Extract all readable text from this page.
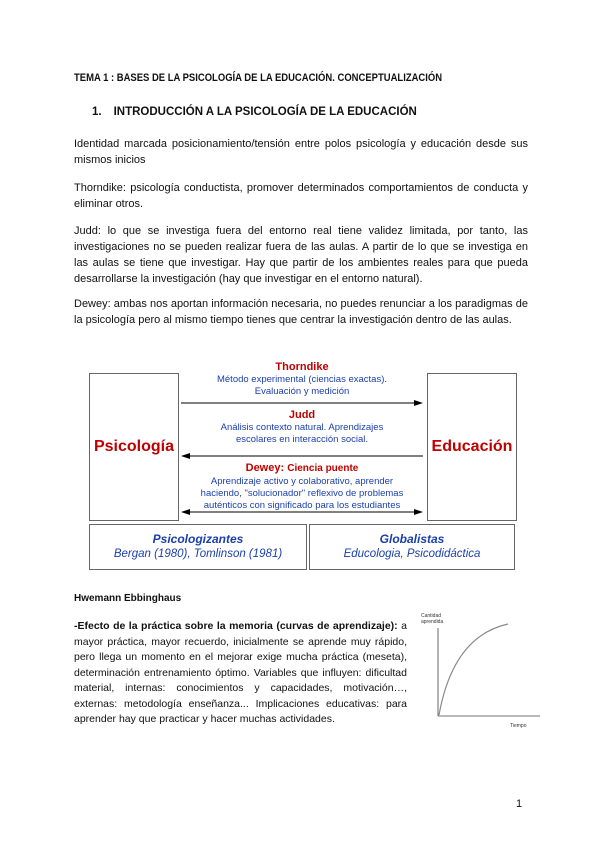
TEMA 1 : BASES DE LA PSICOLOGÍA DE LA EDUCACIÓN. CONCEPTUALIZACIÓN
1. INTRODUCCIÓN A LA PSICOLOGÍA DE LA EDUCACIÓN
Identidad marcada posicionamiento/tensión entre polos psicología y educación desde sus mismos inicios
Thorndike: psicología conductista, promover determinados comportamientos de conducta y eliminar otros.
Judd: lo que se investiga fuera del entorno real tiene validez limitada, por tanto, las investigaciones no se pueden realizar fuera de las aulas. A partir de lo que se investiga en las aulas se tiene que investigar. Hay que partir de los ambientes reales para que pueda desarrollarse la investigación (hay que investigar en el entorno natural).
Dewey: ambas nos aportan información necesaria, no puedes renunciar a los paradigmas de la psicología pero al mismo tiempo tienes que centrar la investigación dentro de las aulas.
Psicología	Educación
Thorndike
Método experimental (ciencias exactas).
Evaluación y medición
Judd
Análisis contexto natural. Aprendizajes
escolares en interacción social.
Dewey: Ciencia puente
Aprendizaje activo y colaborativo, aprender
haciendo, "solucionador" reflexivo de problemas
auténticos con significado para los estudiantes
Psicologizantes
Bergan (1980), Tomlinson (1981)
Globalistas
Educologia, Psicodidáctica
Hwemann Ebbinghaus
-Efecto de la práctica sobre la memoria (curvas de aprendizaje): a mayor práctica, mayor recuerdo, inicialmente se aprende muy rápido, pero llega un momento en el mejorar exige mucha práctica (meseta), determinación entrenamiento óptimo. Variables que influyen: dificultad material, internas: conocimientos y capacidades, motivación…, externas: metodología enseñanza... Implicaciones educativas: para aprender hay que practicar y hacer muchas actividades.
Cantidad
aprendida
Tiempo
1
